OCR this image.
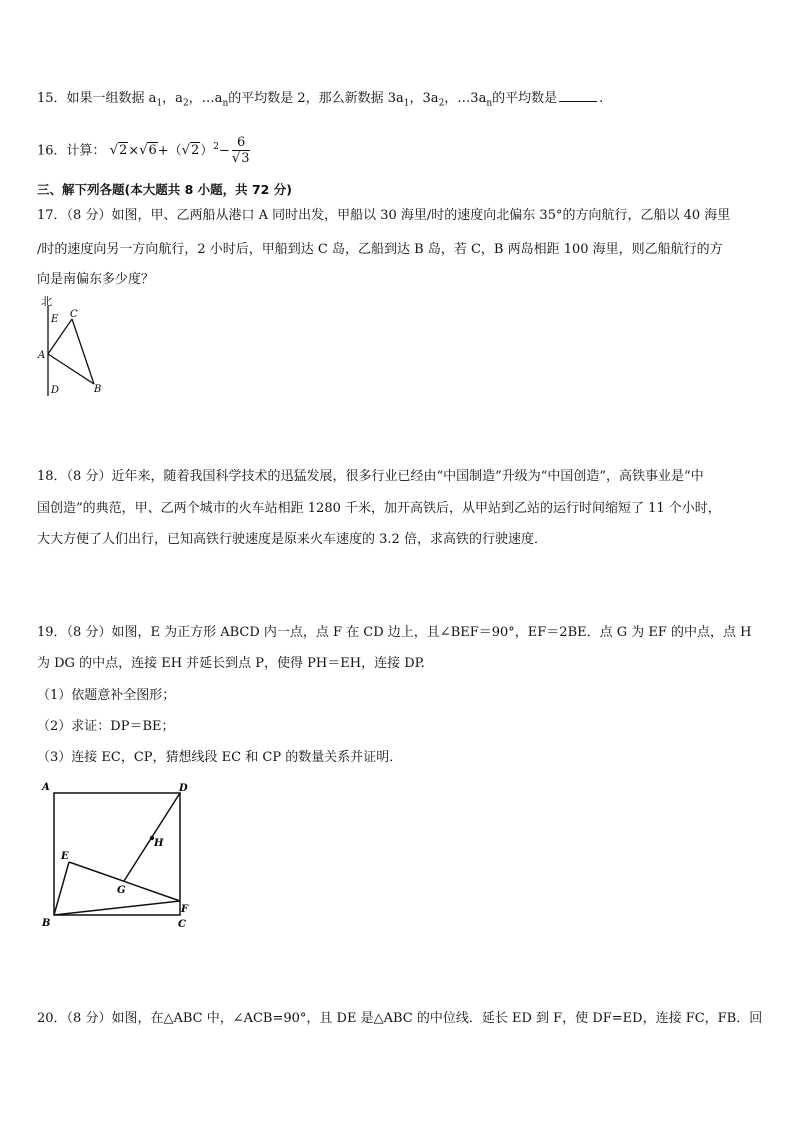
15．如果一组数据 $a_1$，$a_2$，$\dots a_n$的平均数是 2，那么新数据 $3a_1$，$3a_2$，$\dots 3a_n$的平均数是	.
16．计算： $√2\times√6+(√2)^2- \frac{6}{√3}$
三、解下列各题(本大题共 8 小题，共 72 分)
17．（8 分）如图，甲、乙两船从港口 A 同时出发，甲船以 30 海里/时的速度向北偏东 35°的方向航行，乙船以 40 海里
/时的速度向另一方向航行，2 小时后，甲船到达 C 岛，乙船到达 B 岛，若 C，B 两岛相距 100 海里，则乙船航行的方
向是南偏东多少度？
北
E C
A
D	B
18．（8 分）近年来，随着我国科学技术的迅猛发展，很多行业已经由“中国制造”升级为“中国创造”，高铁事业是“中
国创造”的典范，甲、乙两个城市的火车站相距 1280 千米，加开高铁后，从甲站到乙站的运行时间缩短了 11 个小时，
大大方便了人们出行，已知高铁行驶速度是原来火车速度的 3.2 倍，求高铁的行驶速度．
19．（8 分）如图，E 为正方形 ABCD 内一点，点 F 在 CD 边上，且∠BEF＝90°，EF＝2BE．点 G 为 EF 的中点，点 H
为 DG 的中点，连接 EH 并延长到点 P，使得 PH＝EH，连接 DP.
（1）依题意补全图形；
（2）求证：DP＝BE；
（3）连接 EC，CP，猜想线段 EC 和 CP 的数量关系并证明．
A	D
H
E
G
F
B	C
20．（8 分）如图，在△ABC 中，∠ACB=90°，且 DE 是△ABC 的中位线．延长 ED 到 F，使 DF=ED，连接 FC，FB．回
